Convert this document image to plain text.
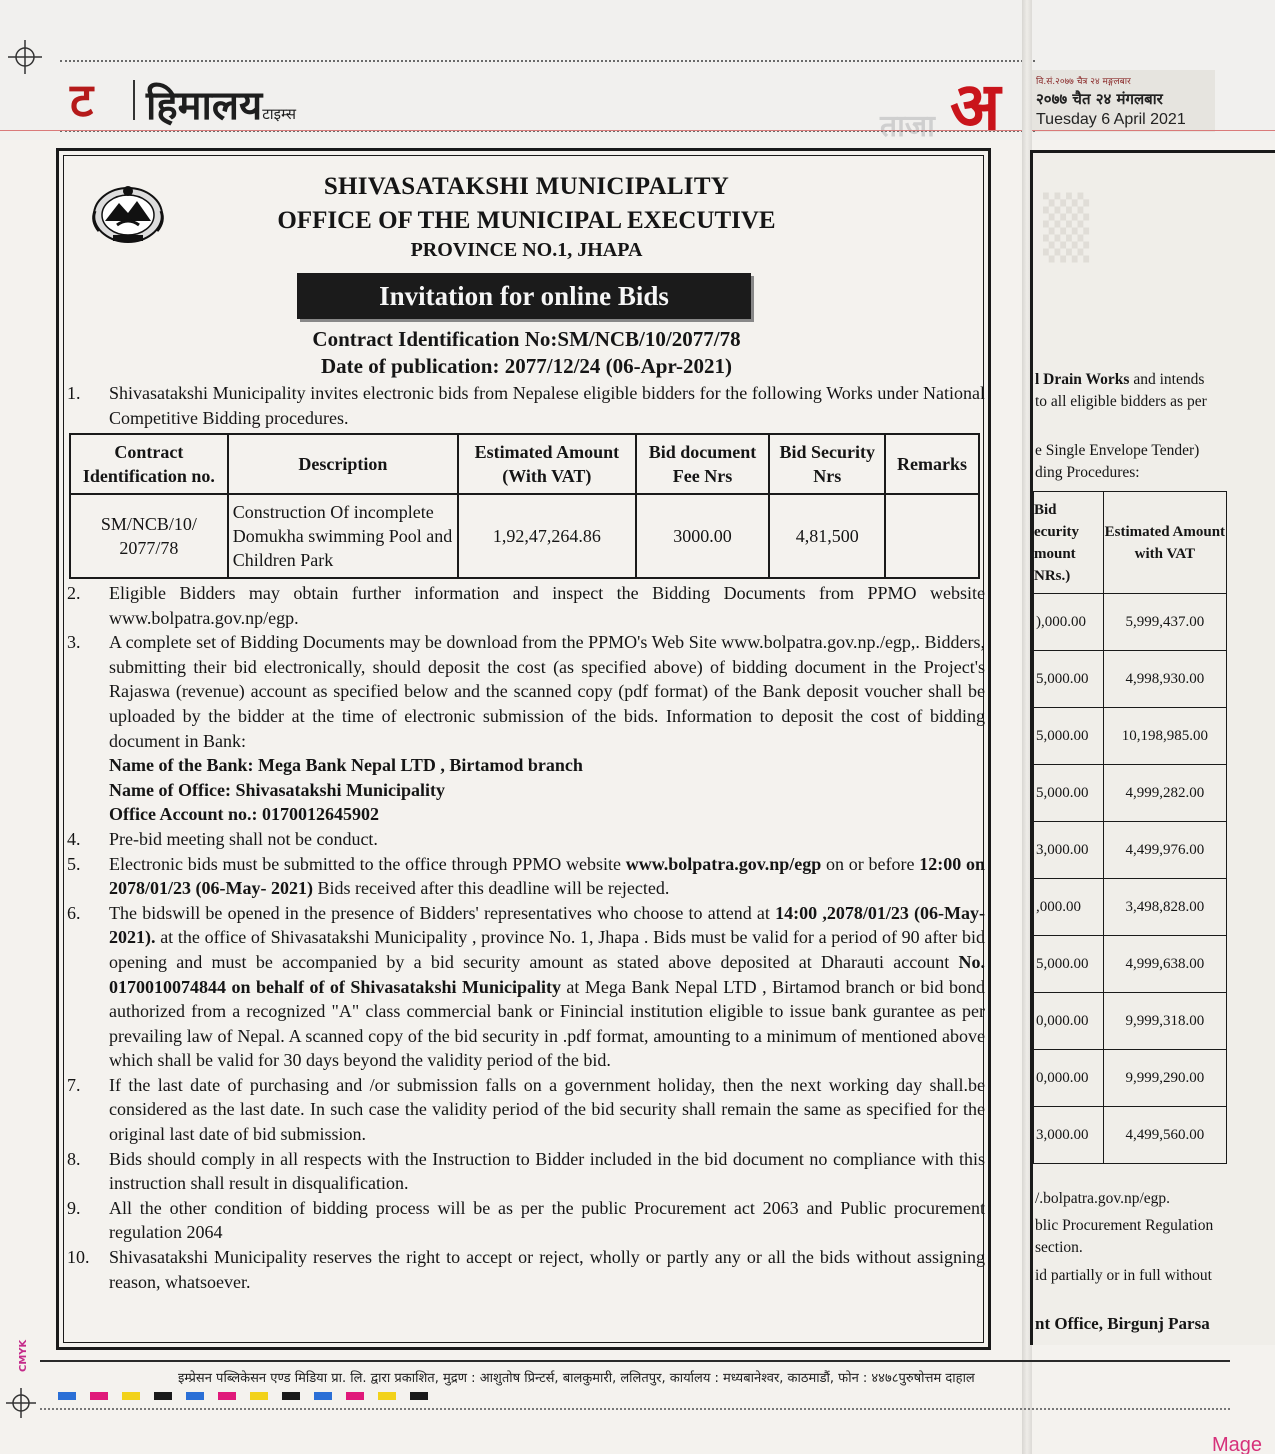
ट	हिमालयटाइम्स	ताजा अ	वि.सं.२०७७ चैत्र २४ मङ्गलबार
२०७७ चैत २४ मंगलबार
Tuesday 6 April 2021
SHIVASATAKSHI MUNICIPALITY
OFFICE OF THE MUNICIPAL EXECUTIVE
PROVINCE NO.1, JHAPA
Invitation for online Bids
Contract Identification No:SM/NCB/10/2077/78
Date of publication: 2077/12/24 (06-Apr-2021)
1.	Shivasatakshi Municipality invites electronic bids from Nepalese eligible bidders for the following Works under National Competitive Bidding procedures.
Contract Identification no.	Description	Estimated Amount (With VAT)	Bid document Fee Nrs	Bid Security Nrs	Remarks
SM/NCB/10/ 2077/78	Construction Of incomplete Domukha swimming Pool and Children Park	1,92,47,264.86	3000.00	4,81,500	
2.	Eligible Bidders may obtain further information and inspect the Bidding Documents from PPMO website www.bolpatra.gov.np/egp.
3.	A complete set of Bidding Documents may be download from the PPMO's Web Site www.bolpatra.gov.np./egp,. Bidders, submitting their bid electronically, should deposit the cost (as specified above) of bidding document in the Project's Rajaswa (revenue) account as specified below and the scanned copy (pdf format) of the Bank deposit voucher shall be uploaded by the bidder at the time of electronic submission of the bids. Information to deposit the cost of bidding document in Bank:
Name of the Bank: Mega Bank Nepal LTD , Birtamod branch
Name of Office: Shivasatakshi Municipality
Office Account no.: 0170012645902
4.	Pre-bid meeting shall not be conduct.
5.	Electronic bids must be submitted to the office through PPMO website www.bolpatra.gov.np/egp on or before 12:00 on 2078/01/23 (06-May- 2021) Bids received after this deadline will be rejected.
6.	The bidswill be opened in the presence of Bidders' representatives who choose to attend at 14:00 ,2078/01/23 (06-May-2021). at the office of Shivasatakshi Municipality , province No. 1, Jhapa . Bids must be valid for a period of 90 after bid opening and must be accompanied by a bid security amount as stated above deposited at Dharauti account No. 0170010074844 on behalf of of Shivasatakshi Municipality at Mega Bank Nepal LTD , Birtamod branch or bid bond authorized from a recognized "A" class commercial bank or Finincial institution eligible to issue bank gurantee as per prevailing law of Nepal. A scanned copy of the bid security in .pdf format, amounting to a minimum of mentioned above which shall be valid for 30 days beyond the validity period of the bid.
7.	If the last date of purchasing and /or submission falls on a government holiday, then the next working day shall.be considered as the last date. In such case the validity period of the bid security shall remain the same as specified for the original last date of bid submission.
8.	Bids should comply in all respects with the Instruction to Bidder included in the bid document no compliance with this instruction shall result in disqualification.
9.	All the other condition of bidding process will be as per the public Procurement act 2063 and Public procurement regulation 2064
10.	Shivasatakshi Municipality reserves the right to accept or reject, wholly or partly any or all the bids without assigning reason, whatsoever.
▒
l Drain Works and intends
to all eligible bidders as per
e Single Envelope Tender)
ding Procedures:
Bid ecurity mount NRs.)	Estimated Amount with VAT
),000.00	5,999,437.00
5,000.00	4,998,930.00
5,000.00	10,198,985.00
5,000.00	4,999,282.00
3,000.00	4,499,976.00
,000.00	3,498,828.00
5,000.00	4,999,638.00
0,000.00	9,999,318.00
0,000.00	9,999,290.00
3,000.00	4,499,560.00
/.bolpatra.gov.np/egp.
blic Procurement Regulation
section.
id partially or in full without
nt Office, Birgunj Parsa
इम्प्रेसन पब्लिकेसन एण्ड मिडिया प्रा. लि. द्वारा प्रकाशित, मुद्रण : आशुतोष प्रिन्टर्स, बालकुमारी, ललितपुर, कार्यालय : मध्यबानेश्वर, काठमाडौं, फोन : ४४७८पुरुषोत्तम दाहाल
CMYK
Mage
